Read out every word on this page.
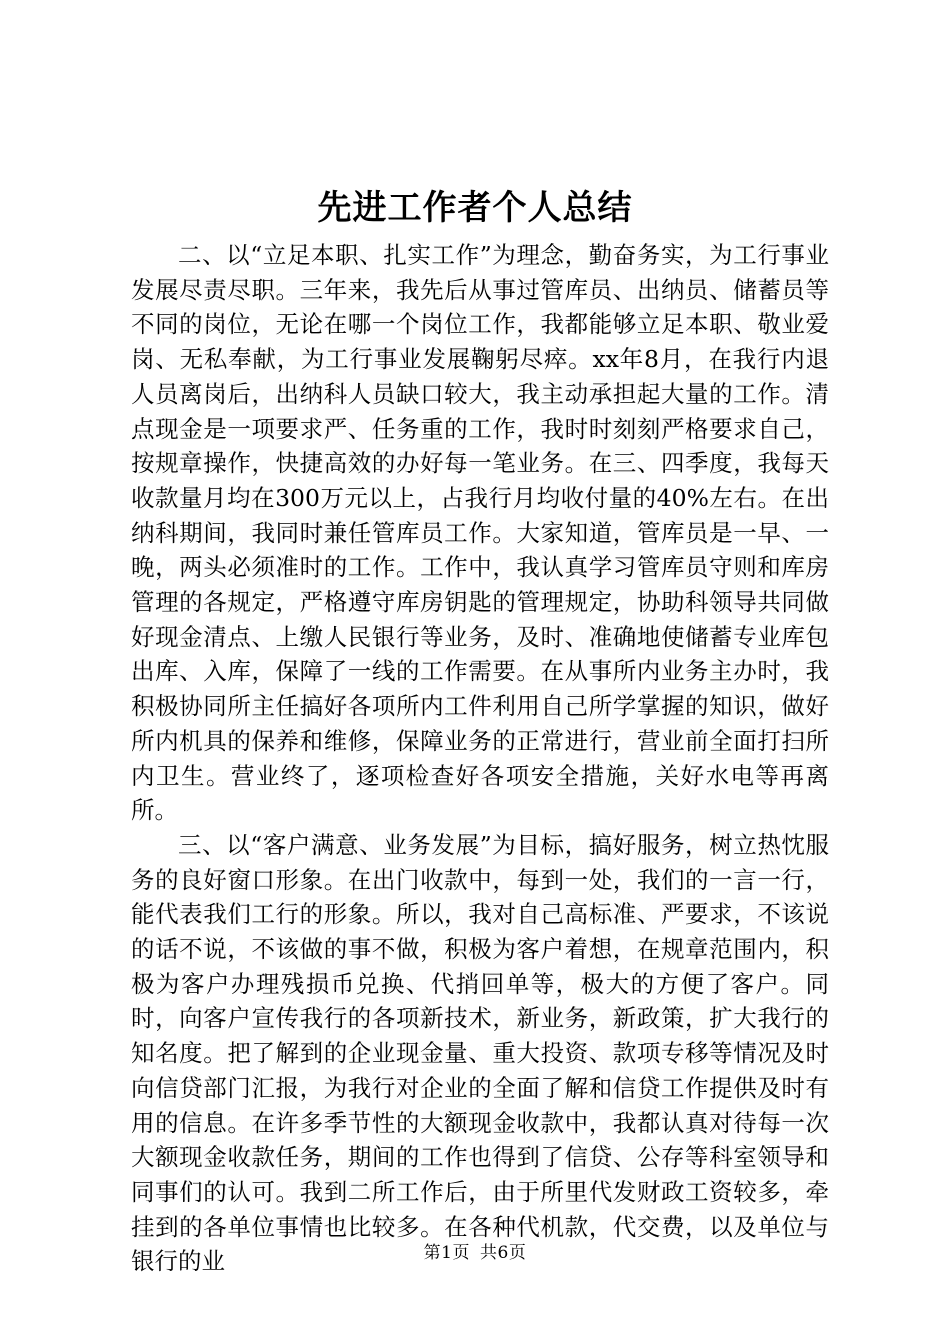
先进工作者个人总结

二、以“立足本职、扎实工作”为理念，勤奋务实，为工行事业发展尽责尽职。三年来，我先后从事过管库员、出纳员、储蓄员等不同的岗位，无论在哪一个岗位工作，我都能够立足本职、敬业爱岗、无私奉献，为工行事业发展鞠躬尽瘁。xx年8月，在我行内退人员离岗后，出纳科人员缺口较大，我主动承担起大量的工作。清点现金是一项要求严、任务重的工作，我时时刻刻严格要求自己，按规章操作，快捷高效的办好每一笔业务。在三、四季度，我每天收款量月均在300万元以上，占我行月均收付量的40%左右。在出纳科期间，我同时兼任管库员工作。大家知道，管库员是一早、一晚，两头必须准时的工作。工作中，我认真学习管库员守则和库房管理的各规定，严格遵守库房钥匙的管理规定，协助科领导共同做好现金清点、上缴人民银行等业务，及时、准确地使储蓄专业库包出库、入库，保障了一线的工作需要。在从事所内业务主办时，我积极协同所主任搞好各项所内工件利用自己所学掌握的知识，做好所内机具的保养和维修，保障业务的正常进行，营业前全面打扫所内卫生。营业终了，逐项检查好各项安全措施，关好水电等再离所。

三、以“客户满意、业务发展”为目标，搞好服务，树立热忱服务的良好窗口形象。在出门收款中，每到一处，我们的一言一行，能代表我们工行的形象。所以，我对自己高标准、严要求，不该说的话不说，不该做的事不做，积极为客户着想，在规章范围内，积极为客户办理残损币兑换、代捎回单等，极大的方便了客户。同时，向客户宣传我行的各项新技术，新业务，新政策，扩大我行的知名度。把了解到的企业现金量、重大投资、款项专移等情况及时向信贷部门汇报，为我行对企业的全面了解和信贷工作提供及时有用的信息。在许多季节性的大额现金收款中，我都认真对待每一次大额现金收款任务，期间的工作也得到了信贷、公存等科室领导和同事们的认可。我到二所工作后，由于所里代发财政工资较多，牵挂到的各单位事情也比较多。在各种代机款，代交费，以及单位与银行的业	第1页 共6页
